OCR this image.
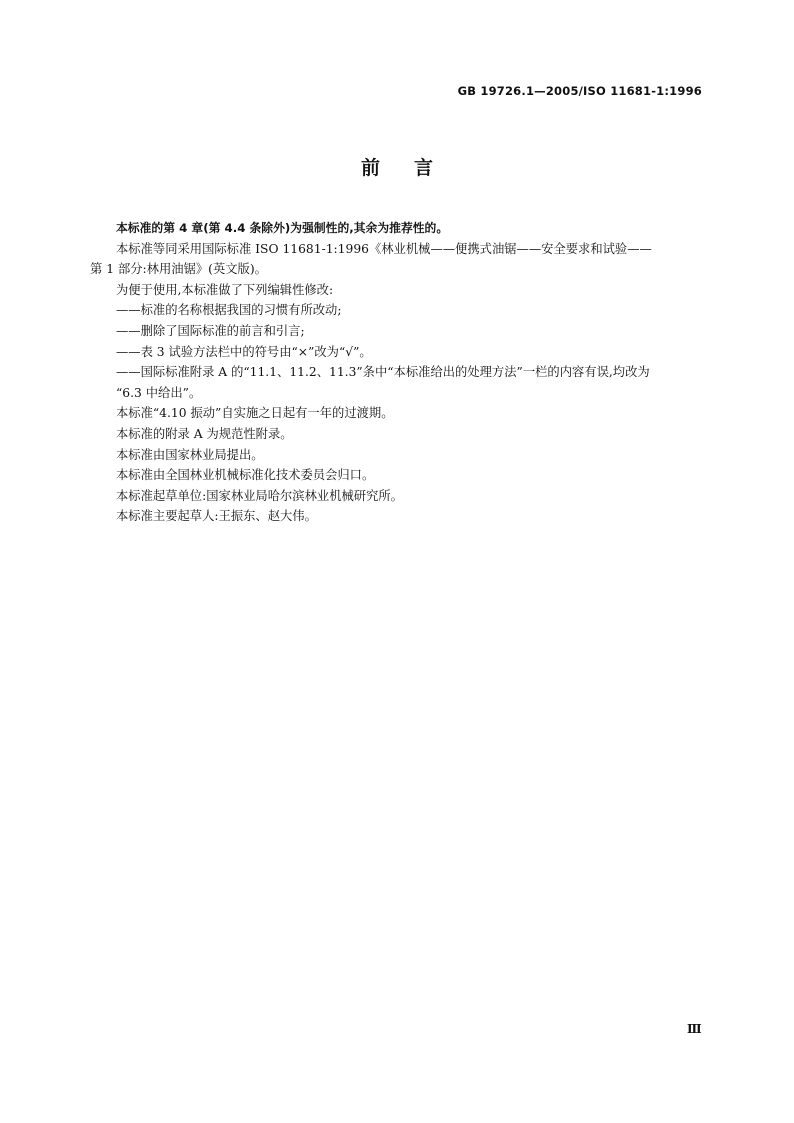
GB 19726.1—2005/ISO 11681-1:1996
前言

本标准的第 4 章(第 4.4 条除外)为强制性的,其余为推荐性的。

本标准等同采用国际标准 ISO 11681-1:1996《林业机械——便携式油锯——安全要求和试验——
第 1 部分:林用油锯》(英文版)。

为便于使用,本标准做了下列编辑性修改:

——标准的名称根据我国的习惯有所改动;

——删除了国际标准的前言和引言;

——表 3 试验方法栏中的符号由“×”改为“√”。

——国际标准附录 A 的“11.1、11.2、11.3”条中“本标准给出的处理方法”一栏的内容有误,均改为
“6.3 中给出”。

本标准“4.10 振动”自实施之日起有一年的过渡期。

本标准的附录 A 为规范性附录。

本标准由国家林业局提出。

本标准由全国林业机械标准化技术委员会归口。

本标准起草单位:国家林业局哈尔滨林业机械研究所。

本标准主要起草人:王振东、赵大伟。

Ⅲ
